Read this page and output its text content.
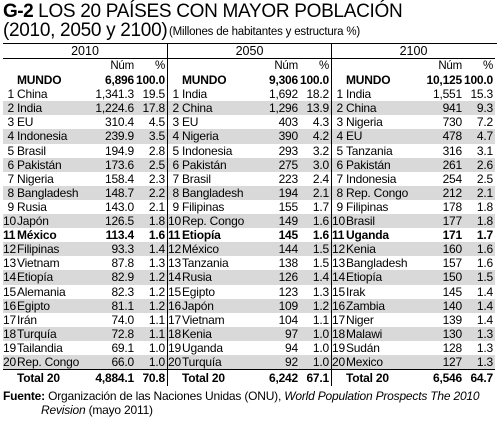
G-2 LOS 20 PAÍSES CON MAYOR POBLACIÓN
(2010, 2050 y 2100) (Millones de habitantes y estructura %)
2010
Núm	%
MUNDO	6,896 100.0
1 China	1,341.3 19.5
2 India	1,224.6 17.8
3 EU	310.4	4.5
4 Indonesia	239.9	3.5
5 Brasil	194.9	2.8
6 Pakistán	173.6	2.5
7 Nigeria	158.4	2.3
8 Bangladesh	148.7	2.2
9 Rusia	143.0	2.1
10 Japón	126.5	1.8
11 México	113.4	1.6
12 Filipinas	93.3	1.4
13 Vietnam	87.8	1.3
14 Etiopía	82.9	1.2
15 Alemania	82.3	1.2
16 Egipto	81.1	1.2
17 Irán	74.0	1.1
18 Turquía	72.8	1.1
19 Tailandia	69.1	1.0
20 Rep. Congo	66.0	1.0
Total 20	4,884.1 70.8
2050
Núm	%
MUNDO	9,306 100.0
1 India	1,692 18.2
2 China	1,296 13.9
3 EU	403	4.3
4 Nigeria	390	4.2
5 Indonesia	293	3.2
6 Pakistán	275	3.0
7 Brasil	223	2.4
8 Bangladesh	194	2.1
9 Filipinas	155	1.7
10 Rep. Congo	149	1.6
11 Etiopía	145	1.6
12 México	144	1.5
13 Tanzania	138	1.5
14 Rusia	126	1.4
15 Egipto	123	1.3
16 Japón	109	1.2
17 Vietnam	104	1.1
18 Kenia	97	1.0
19 Uganda	94	1.0
20 Turquía	92	1.0
Total 20	6,242 67.1
2100
Núm	%
MUNDO	10,125 100.0
1 India	1,551 15.3
2 China	941	9.3
3 Nigeria	730	7.2
4 EU	478	4.7
5 Tanzania	316	3.1
6 Pakistán	261	2.6
7 Indonesia	254	2.5
8 Rep. Congo	212	2.1
9 Filipinas	178	1.8
10 Brasil	177	1.8
11 Uganda	171	1.7
12 Kenia	160	1.6
13 Bangladesh	157	1.6
14 Etiopía	150	1.5
15 Irak	145	1.4
16 Zambia	140	1.4
17 Niger	139	1.4
18 Malawi	130	1.3
19 Sudán	128	1.3
20 Mexico	127	1.3
Total 20	6,546 64.7
Fuente: Organización de las Naciones Unidas (ONU), World Population Prospects The 2010
Revision (mayo 2011)
